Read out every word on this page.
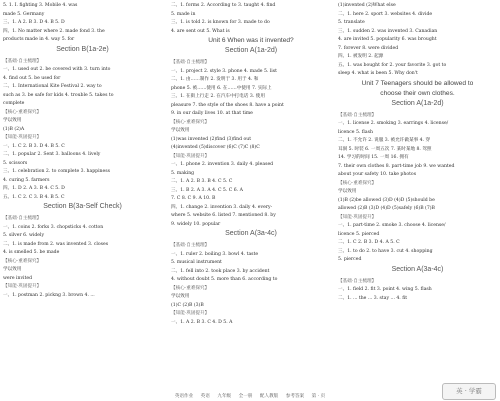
5. 1. Ⅰ. fighting 3. Mobile 4. was
made 5. Germany
三、1. A 2. B 3. D 4. B 5. D
四、1. No matter where 2. made fond 3. the
products made in 4. way 5. for
Section B(1a-2e)
【基础·自主梳理】
一、1. used out 2. be covered with 3. turn into
4. find out 5. be used for
二、1. International Kite Festival 2. way to
such as 3. be safe for kids 4. trouble 5. takes to
complete
【核心·重难探究】
学以致用
(1)B (2)A
【知能·巩固提升】
一、1. C 2. B 3. D 4. B 5. C
二、1. popular 2. Sent 3. balloons 4. lively
5. scissors
三、1. celebration 2. to complete 3. happiness
4. curing 5. farmers
四、1. D 2. A 3. B 4. C 5. D
五、1. C 2. C 3. B 4. B 5. C
Section B(3a-Self Check)
【基础·自主梳理】
一、1. coins 2. forks 3. chopsticks 4. cotton
5. silver 6. widely
二、1. is made from 2. was invented 3. closes
4. is smelled 5. be made
【核心·重难探究】
学以致用
were invited
【知能·巩固提升】
一、1. postman 2. pickng 3. brown 4. ...
二、1. forms 2. According to 3. taught 4. find
5. made in
三、1. is told 2. is known for 3. made to do
4. are sent out 5. What is
Unit 6 When was it invented?
Section A(1a-2d)
【基础·自主梳理】
一、1. project 2. style 3. phone 4. made 5. list
二、1. 由……制作 2. 发明于 3. 用于 4. 和
phone 5. 被……使用 6. 在……中使用 7. 实际上
三、1. 在街上行走 2. 在汽车中打电话 3. 使用
pleasure 7. the style of the shoes 8. have a point
9. in our daily lives 10. at that time
【核心·重难探究】
学以致用
(1)was invented (2)find (3)find out
(4)invented (5)discover (6)C (7)C (8)C
【知能·巩固提升】
一、1. phone 2. invention 3. daily 4. pleased
5. making
二、1. A 2. B 3. B 4. C 5. C
三、1. B 2. A 3. A 4. C 5. C 6. A
7. C 8. C 9. A 10. B
四、1. change 2. invention 3. daily 4. every-
where 5. website 6. listed 7. mentioned 8. by
9. widely 10. popular
Section A(3a-4c)
【基础·自主梳理】
一、1. ruler 2. boiling 3. bowl 4. taste
5. musical instrument
二、1. fell into 2. took place 3. by accident
4. without doubt 5. more than 6. according to
【核心·重难探究】
学以致用
(1)C (2)B (3)B
【知能·巩固提升】
一、1. A 2. B 3. C 4. D 5. A
(1)invented (2)What else
二、1. here 2. sport 3. websites 4. divide
5. translate
三、1. sudden 2. was invented 3. Canadian
4. are invited 5. popularity 6. was brought
7. forever 8. were divided
四、1. 被发明 2. 起源
五、1. was bought for 2. your favorite 3. got to
sleep 4. what is been 5. Why don't
Unit 7 Teenagers should be allowed to
choose their own clothes.
Section A(1a-2d)
【基础·自主梳理】
一、1. license 2. smoking 3. earrings 4. license/
licence 5. flash
二、1. 不允许 2. 说服 3. 被允许做某事 4. 穿
耳洞 5. 时装 6. 一周五次 7. 某时某地 8. 驾照
14. 学习的时间 15. 一周 16. 拥有
7. their own clothes 8. part-time job 9. we wanted
about your safety 10. take photos
【核心·重难探究】
学以致用
(1)B (2)be allowed (3)D (4)D (5)should be
allowed (2)B (3)D (4)D (5)safely (6)B (7)B
【知能·巩固提升】
一、1. part-time 2. smoke 3. choose 4. license/
licence 5. pierced
二、1. C 2. B 3. D 4. A 5. C
三、1. to do 2. to have 3. cut 4. shopping
5. pierced
Section A(3a-4c)
【基础·自主梳理】
一、1. field 2. fit 3. point 4. wing 5. flash
二、1. ... the ... 3. stay ... 4. fit
英语作业 英语 九年级 全一册 配人教版 参考答案 第 · 页
英 · 学霸
